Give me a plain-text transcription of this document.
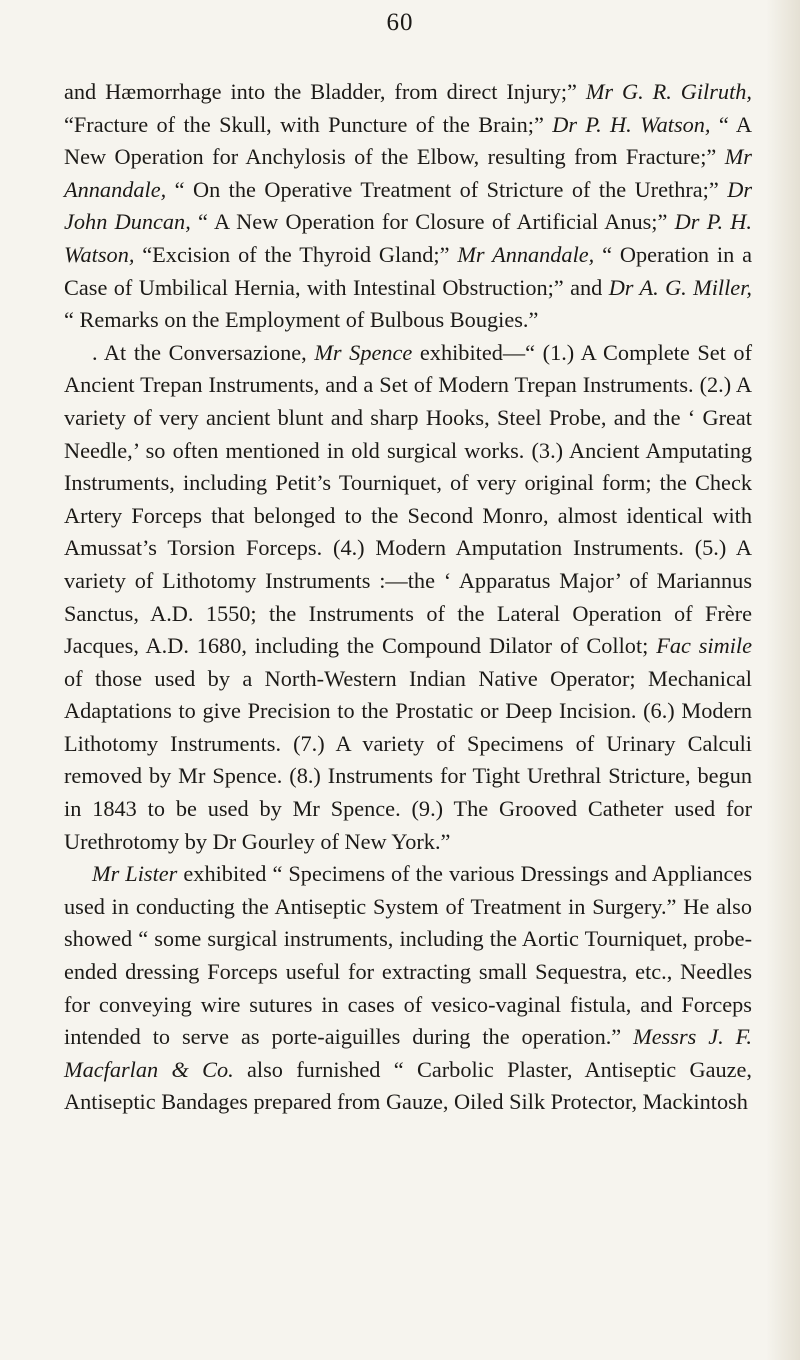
60

and Hæmorrhage into the Bladder, from direct Injury;” Mr G. R. Gilruth, “Fracture of the Skull, with Puncture of the Brain;” Dr P. H. Watson, “ A New Operation for Anchylosis of the Elbow, resulting from Fracture;” Mr Annandale, “ On the Operative Treatment of Stricture of the Urethra;” Dr John Duncan, “ A New Operation for Closure of Artificial Anus;” Dr P. H. Watson, “Excision of the Thyroid Gland;” Mr Annandale, “ Operation in a Case of Umbilical Hernia, with Intestinal Obstruction;” and Dr A. G. Miller, “ Remarks on the Employment of Bulbous Bougies.”

. At the Conversazione, Mr Spence exhibited—“ (1.) A Complete Set of Ancient Trepan Instruments, and a Set of Modern Trepan Instruments. (2.) A variety of very ancient blunt and sharp Hooks, Steel Probe, and the ‘ Great Needle,’ so often mentioned in old surgical works. (3.) Ancient Amputating Instruments, including Petit’s Tourniquet, of very original form; the Check Artery Forceps that belonged to the Second Monro, almost identical with Amussat’s Torsion Forceps. (4.) Modern Amputation Instruments. (5.) A variety of Lithotomy Instruments :—the ‘ Apparatus Major’ of Mariannus Sanctus, A.D. 1550; the Instruments of the Lateral Operation of Frère Jacques, A.D. 1680, including the Compound Dilator of Collot; Fac simile of those used by a North-Western Indian Native Operator; Mechanical Adaptations to give Precision to the Prostatic or Deep Incision. (6.) Modern Lithotomy Instruments. (7.) A variety of Specimens of Urinary Calculi removed by Mr Spence. (8.) Instruments for Tight Urethral Stricture, begun in 1843 to be used by Mr Spence. (9.) The Grooved Catheter used for Urethrotomy by Dr Gourley of New York.”

Mr Lister exhibited “ Specimens of the various Dressings and Appliances used in conducting the Antiseptic System of Treatment in Surgery.” He also showed “ some surgical instruments, including the Aortic Tourniquet, probe-ended dressing Forceps useful for extracting small Sequestra, etc., Needles for conveying wire sutures in cases of vesico-vaginal fistula, and Forceps intended to serve as porte-aiguilles during the operation.” Messrs J. F. Macfarlan & Co. also furnished “ Carbolic Plaster, Antiseptic Gauze, Antiseptic Bandages prepared from Gauze, Oiled Silk Protector, Mackintosh
